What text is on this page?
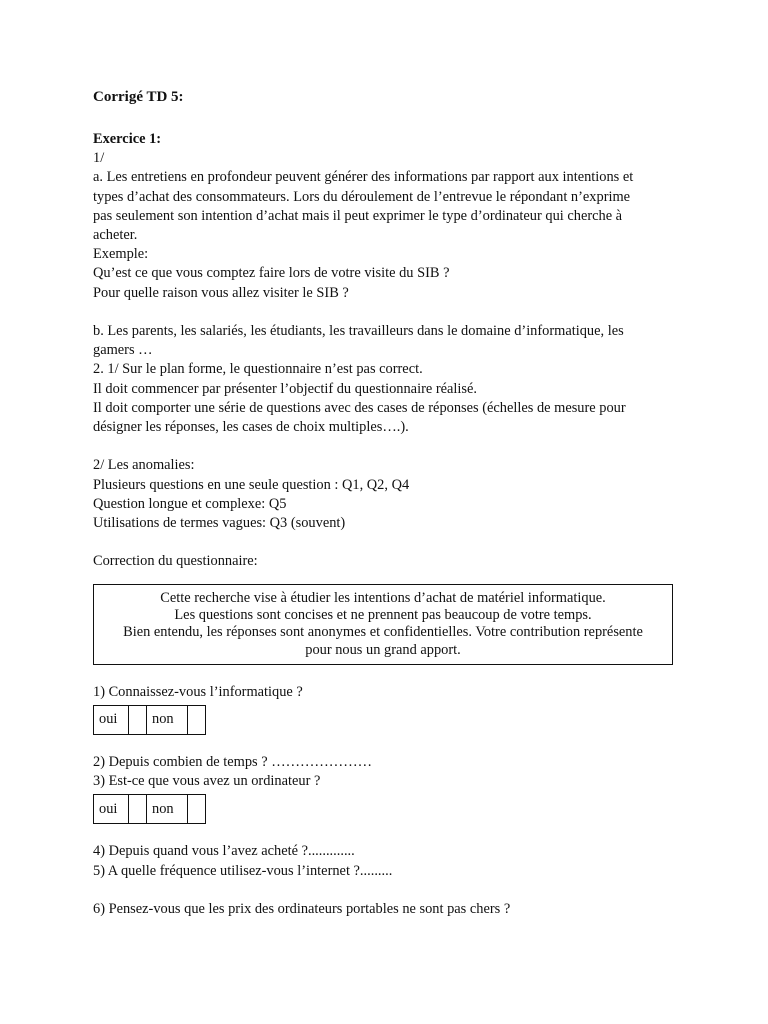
Corrigé TD 5:

Exercice 1:

1/

a. Les entretiens en profondeur peuvent générer des informations par rapport aux intentions et

types d’achat des consommateurs. Lors du déroulement de l’entrevue le répondant n’exprime

pas seulement son intention d’achat mais il peut exprimer le type d’ordinateur qui cherche à

acheter.

Exemple:

Qu’est ce que vous comptez faire lors de votre visite du SIB ?

Pour quelle raison vous allez visiter le SIB ?

b. Les parents, les salariés, les étudiants, les travailleurs dans le domaine d’informatique, les

gamers …

2. 1/ Sur le plan forme, le questionnaire n’est pas correct.

Il doit commencer par présenter l’objectif du questionnaire réalisé.

Il doit comporter une série de questions avec des cases de réponses (échelles de mesure pour

désigner les réponses, les cases de choix multiples….).

2/ Les anomalies:

Plusieurs questions en une seule question : Q1, Q2, Q4

Question longue et complexe: Q5

Utilisations de termes vagues: Q3 (souvent)

Correction du questionnaire:

Cette recherche vise à étudier les intentions d’achat de matériel informatique.

Les questions sont concises et ne prennent pas beaucoup de votre temps.

Bien entendu, les réponses sont anonymes et confidentielles. Votre contribution représente

pour nous un grand apport.

1) Connaissez-vous l’informatique ?

oui		non	

2) Depuis combien de temps ? …………………

3) Est-ce que vous avez un ordinateur ?

oui		non	

4) Depuis quand vous l’avez acheté ?.............

5) A quelle fréquence utilisez-vous l’internet ?.........

6) Pensez-vous que les prix des ordinateurs portables ne sont pas chers ?
